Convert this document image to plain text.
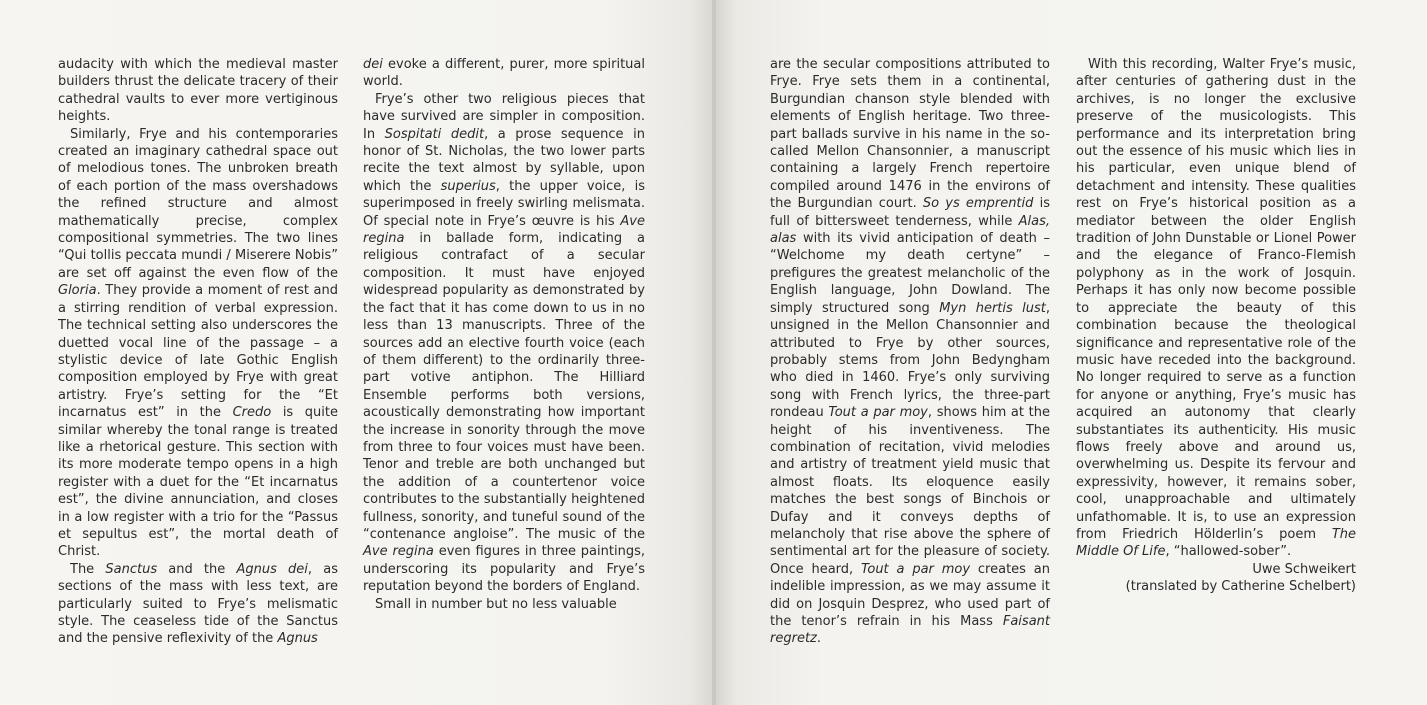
audacity with which the medieval master builders thrust the delicate tracery of their cathedral vaults to ever more vertiginous heights.

Similarly, Frye and his contemporaries created an imaginary cathedral space out of melodious tones. The unbroken breath of each portion of the mass overshadows the refined structure and almost mathematically precise, complex compositional symmetries. The two lines “Qui tollis peccata mundi / Miserere Nobis” are set off against the even flow of the Gloria. They provide a moment of rest and a stirring rendition of verbal expression. The technical setting also underscores the duetted vocal line of the passage – a stylistic device of late Gothic English composition employed by Frye with great artistry. Frye’s setting for the “Et incarnatus est” in the Credo is quite similar whereby the tonal range is treated like a rhetorical gesture. This section with its more moderate tempo opens in a high register with a duet for the “Et incarnatus est”, the divine annunciation, and closes in a low register with a trio for the “Passus et sepultus est”, the mortal death of Christ.

The Sanctus and the Agnus dei, as sections of the mass with less text, are particularly suited to Frye’s melismatic style. The ceaseless tide of the Sanctus and the pensive reflexivity of the Agnus

dei evoke a different, purer, more spiritual world.

Frye’s other two religious pieces that have survived are simpler in composition. In Sospitati dedit, a prose sequence in honor of St. Nicholas, the two lower parts recite the text almost by syllable, upon which the superius, the upper voice, is superimposed in freely swirling melismata. Of special note in Frye’s œuvre is his Ave regina in ballade form, indicating a religious contrafact of a secular composition. It must have enjoyed widespread popularity as demonstrated by the fact that it has come down to us in no less than 13 manuscripts. Three of the sources add an elective fourth voice (each of them different) to the ordinarily three-part votive antiphon. The Hilliard Ensemble performs both versions, acoustically demonstrating how important the increase in sonority through the move from three to four voices must have been. Tenor and treble are both unchanged but the addition of a countertenor voice contributes to the substantially heightened fullness, sonority, and tuneful sound of the “contenance angloise”. The music of the Ave regina even figures in three paintings, underscoring its popularity and Frye’s reputation beyond the borders of England.

Small in number but no less valuable

are the secular compositions attributed to Frye. Frye sets them in a continental, Burgundian chanson style blended with elements of English heritage. Two three-part ballads survive in his name in the so-called Mellon Chansonnier, a manuscript containing a largely French repertoire compiled around 1476 in the environs of the Burgundian court. So ys emprentid is full of bittersweet tenderness, while Alas, alas with its vivid anticipation of death – “Welchome my death certyne” – prefigures the greatest melancholic of the English language, John Dowland. The simply structured song Myn hertis lust, unsigned in the Mellon Chansonnier and attributed to Frye by other sources, probably stems from John Bedyngham who died in 1460. Frye’s only surviving song with French lyrics, the three-part rondeau Tout a par moy, shows him at the height of his inventiveness. The combination of recitation, vivid melodies and artistry of treatment yield music that almost floats. Its eloquence easily matches the best songs of Binchois or Dufay and it conveys depths of melancholy that rise above the sphere of sentimental art for the pleasure of society. Once heard, Tout a par moy creates an indelible impression, as we may assume it did on Josquin Desprez, who used part of the tenor’s refrain in his Mass Faisant regretz.

With this recording, Walter Frye’s music, after centuries of gathering dust in the archives, is no longer the exclusive preserve of the musicologists. This performance and its interpretation bring out the essence of his music which lies in his particular, even unique blend of detachment and intensity. These qualities rest on Frye’s historical position as a mediator between the older English tradition of John Dunstable or Lionel Power and the elegance of Franco-Flemish polyphony as in the work of Josquin. Perhaps it has only now become possible to appreciate the beauty of this combination because the theological significance and representative role of the music have receded into the background. No longer required to serve as a function for anyone or anything, Frye’s music has acquired an autonomy that clearly substantiates its authenticity. His music flows freely above and around us, overwhelming us. Despite its fervour and expressivity, however, it remains sober, cool, unapproachable and ultimately unfathomable. It is, to use an expression from Friedrich Hölderlin’s poem The Middle Of Life, “hallowed-sober”.

Uwe Schweikert

(translated by Catherine Schelbert)
